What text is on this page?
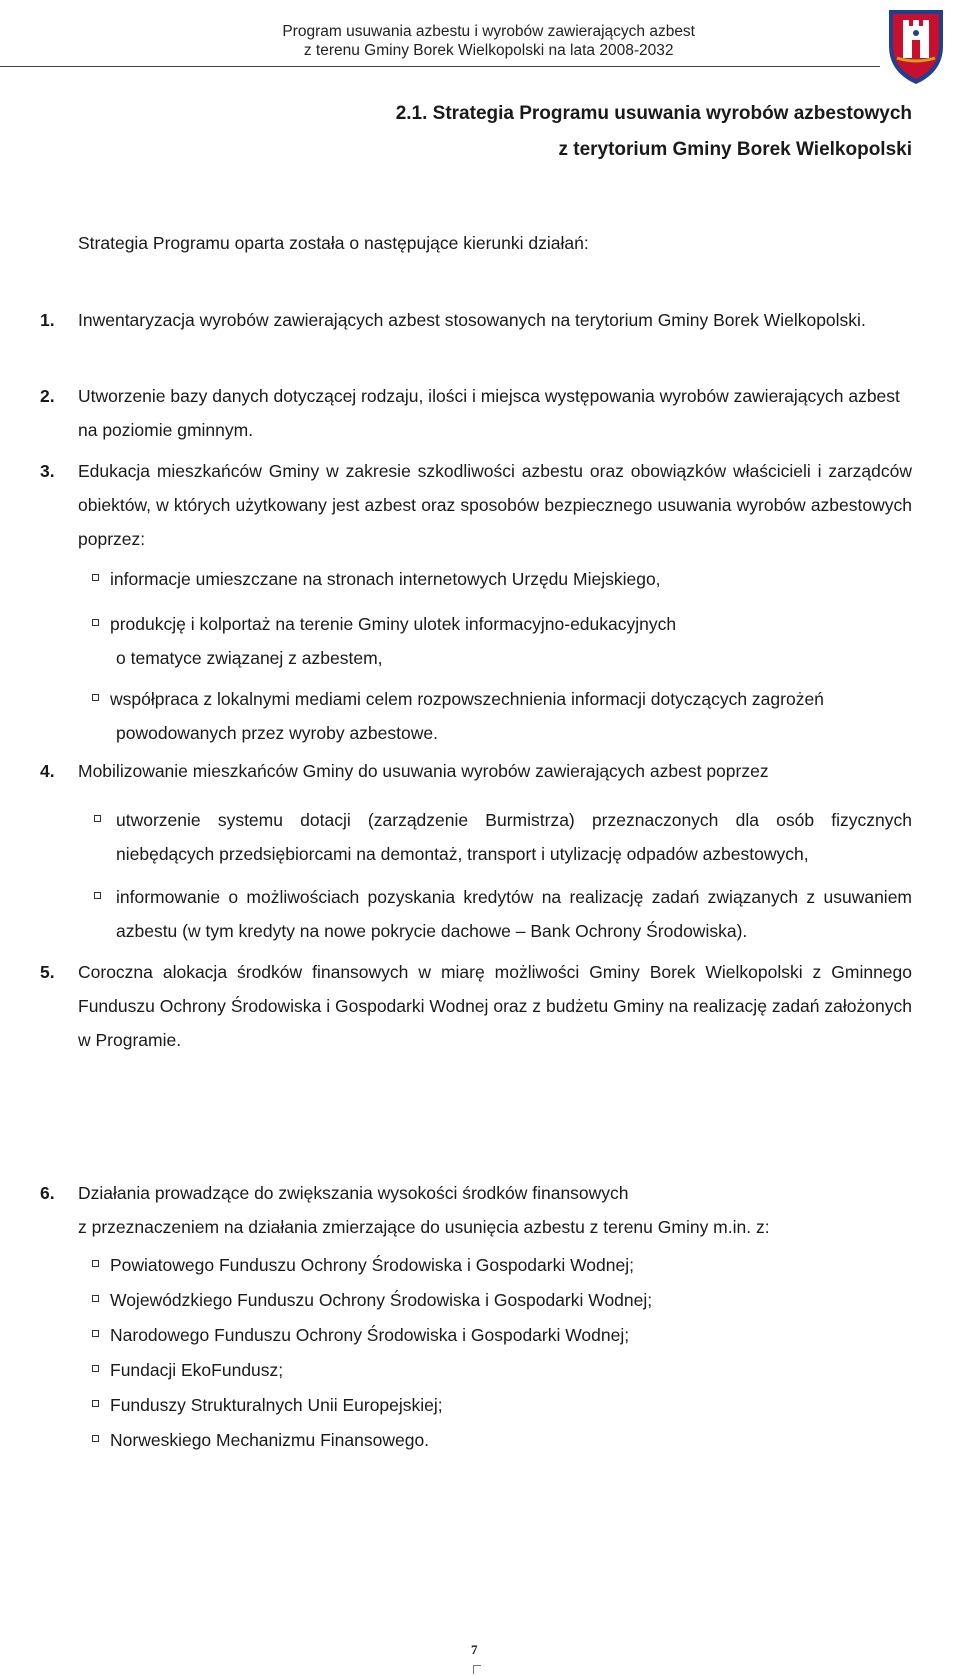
Program usuwania azbestu i wyrobów zawierających azbest
z terenu Gminy Borek Wielkopolski na lata 2008-2032
2.1. Strategia Programu usuwania wyrobów azbestowych
z terytorium Gminy Borek Wielkopolski
Strategia Programu oparta została o następujące kierunki działań:
1. Inwentaryzacja wyrobów zawierających azbest stosowanych na terytorium Gminy Borek Wielkopolski.
2. Utworzenie bazy danych dotyczącej rodzaju, ilości i miejsca występowania wyrobów zawierających azbest na poziomie gminnym.
3. Edukacja mieszkańców Gminy w zakresie szkodliwości azbestu oraz obowiązków właścicieli i zarządców obiektów, w których użytkowany jest azbest oraz sposobów bezpiecznego usuwania wyrobów azbestowych poprzez:
informacje umieszczane na stronach internetowych Urzędu Miejskiego,
produkcję i kolportaż na terenie Gminy ulotek informacyjno-edukacyjnych
o tematyce związanej z azbestem,
współpraca z lokalnymi mediami celem rozpowszechnienia informacji dotyczących zagrożeń
powodowanych przez wyroby azbestowe.
4. Mobilizowanie mieszkańców Gminy do usuwania wyrobów zawierających azbest poprzez
utworzenie systemu dotacji (zarządzenie Burmistrza) przeznaczonych dla osób fizycznych niebędących przedsiębiorcami na demontaż, transport i utylizację odpadów azbestowych,
informowanie o możliwościach pozyskania kredytów na realizację zadań związanych z usuwaniem azbestu (w tym kredyty na nowe pokrycie dachowe – Bank Ochrony Środowiska).
5. Coroczna alokacja środków finansowych w miarę możliwości Gminy Borek Wielkopolski z Gminnego Funduszu Ochrony Środowiska i Gospodarki Wodnej oraz z budżetu Gminy na realizację zadań założonych w Programie.
6. Działania prowadzące do zwiększania wysokości środków finansowych
z przeznaczeniem na działania zmierzające do usunięcia azbestu z terenu Gminy m.in. z:
Powiatowego Funduszu Ochrony Środowiska i Gospodarki Wodnej;
Wojewódzkiego Funduszu Ochrony Środowiska i Gospodarki Wodnej;
Narodowego Funduszu Ochrony Środowiska i Gospodarki Wodnej;
Fundacji EkoFundusz;
Funduszy Strukturalnych Unii Europejskiej;
Norweskiego Mechanizmu Finansowego.
7
